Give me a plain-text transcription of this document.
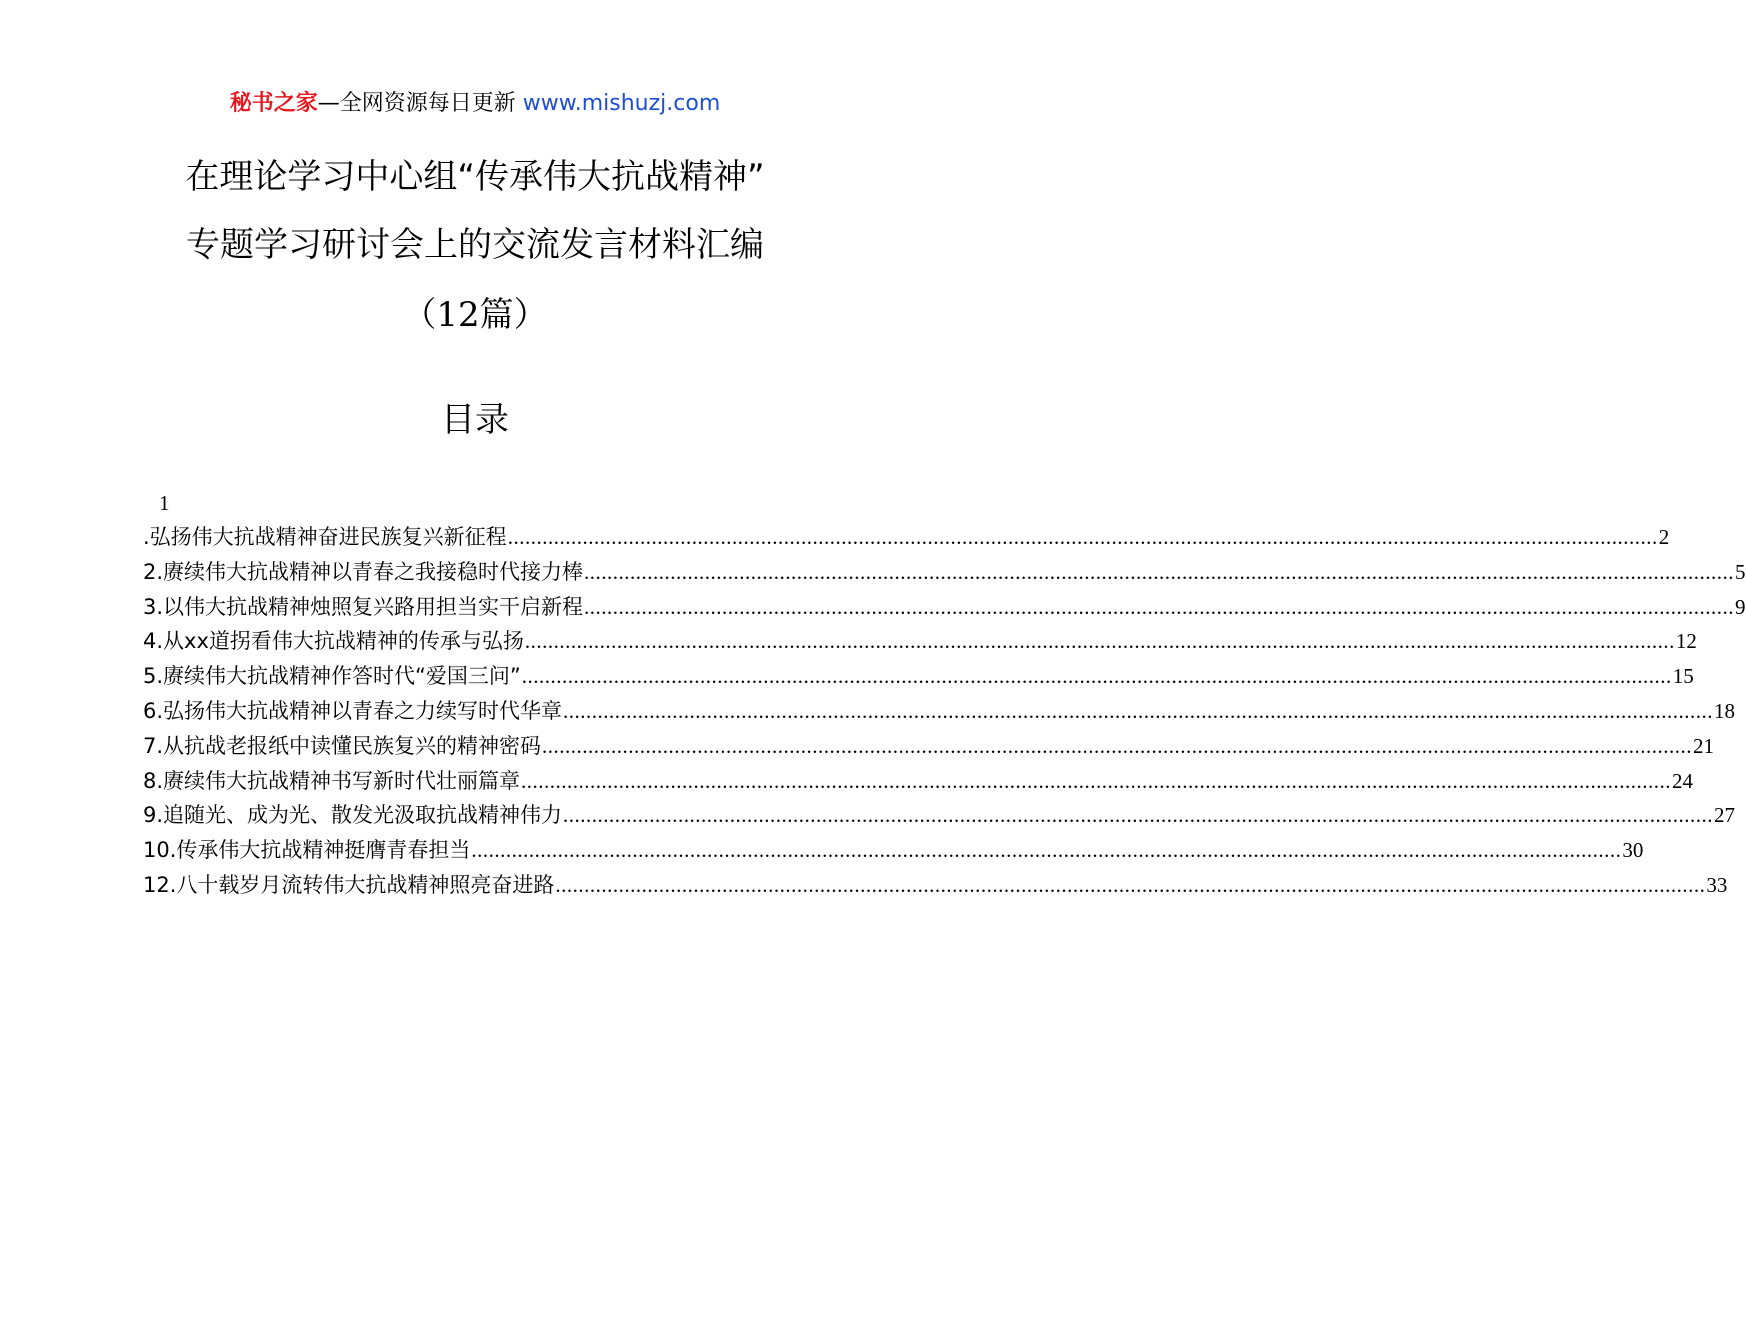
秘书之家—全网资源每日更新 www.mishuzj.com
在理论学习中心组“传承伟大抗战精神”
专题学习研讨会上的交流发言材料汇编
（12篇）
目录
1
.弘扬伟大抗战精神奋进民族复兴新征程 ........................................................................................................................................................................................................ 2
2.赓续伟大抗战精神以青春之我接稳时代接力棒 ........................................................................................................................................................................................................ 5
3.以伟大抗战精神烛照复兴路用担当实干启新程 ........................................................................................................................................................................................................ 9
4.从xx道拐看伟大抗战精神的传承与弘扬 ........................................................................................................................................................................................................ 12
5.赓续伟大抗战精神作答时代“爱国三问” ........................................................................................................................................................................................................ 15
6.弘扬伟大抗战精神以青春之力续写时代华章 ........................................................................................................................................................................................................ 18
7.从抗战老报纸中读懂民族复兴的精神密码 ........................................................................................................................................................................................................ 21
8.赓续伟大抗战精神书写新时代壮丽篇章 ........................................................................................................................................................................................................ 24
9.追随光、成为光、散发光汲取抗战精神伟力 ........................................................................................................................................................................................................ 27
10.传承伟大抗战精神挺膺青春担当 ........................................................................................................................................................................................................ 30
12.八十载岁月流转伟大抗战精神照亮奋进路 ........................................................................................................................................................................................................ 33
